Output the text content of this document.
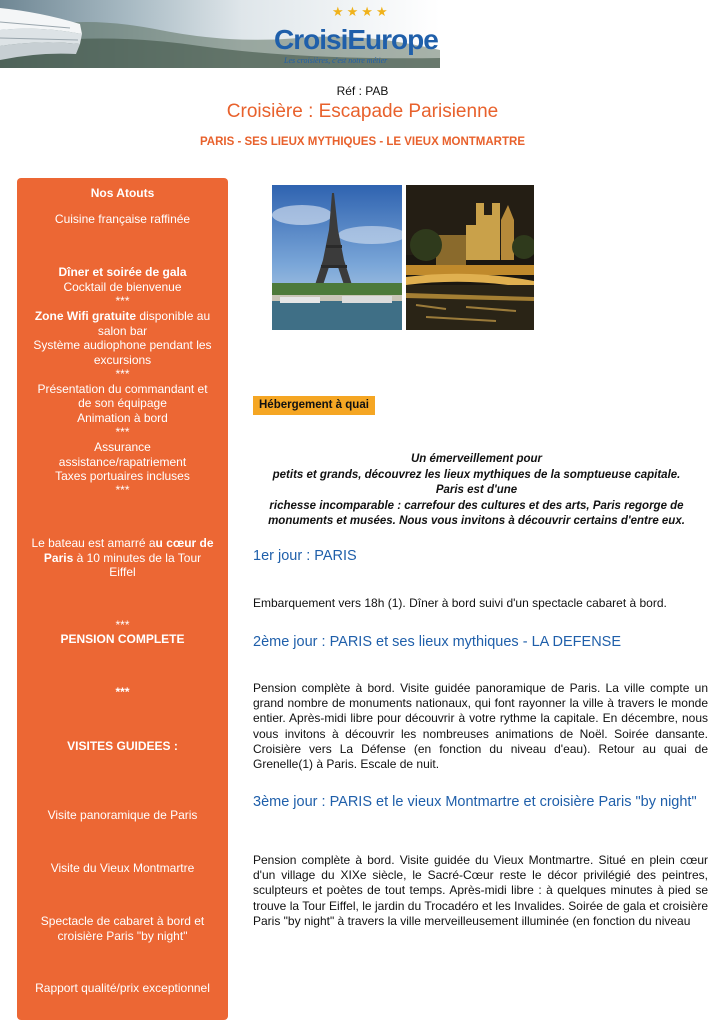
★★★★
CroisiEurope
Les croisières, c'est notre métier
Réf : PAB
Croisière : Escapade Parisienne
PARIS - SES LIEUX MYTHIQUES - LE VIEUX MONTMARTRE
Nos Atouts
Cuisine française raffinée
Dîner et soirée de gala
Cocktail de bienvenue
***
Zone Wifi gratuite disponible au
salon bar
Système audiophone pendant les
excursions
***
Présentation du commandant et
de son équipage
Animation à bord
***
Assurance
assistance/rapatriement
Taxes portuaires incluses
***
Le bateau est amarré au cœur de
Paris à 10 minutes de la Tour
Eiffel
***
PENSION COMPLETE
***
VISITES GUIDEES :
Visite panoramique de Paris
Visite du Vieux Montmartre
Spectacle de cabaret à bord et
croisière Paris "by night"
Rapport qualité/prix exceptionnel
Hébergement à quai
Un émerveillement pour
petits et grands, découvrez les lieux mythiques de la somptueuse capitale.
Paris est d'une
richesse incomparable : carrefour des cultures et des arts, Paris regorge de
monuments et musées. Nous vous invitons à découvrir certains d'entre eux.
1er jour : PARIS
Embarquement vers 18h (1). Dîner à bord suivi d'un spectacle cabaret à bord.
2ème jour : PARIS et ses lieux mythiques - LA DEFENSE
Pension complète à bord. Visite guidée panoramique de Paris. La ville compte un grand nombre de monuments nationaux, qui font rayonner la ville à travers le monde entier. Après-midi libre pour découvrir à votre rythme la capitale. En décembre, nous vous invitons à découvrir les nombreuses animations de Noël. Soirée dansante. Croisière vers La Défense (en fonction du niveau d'eau). Retour au quai de Grenelle(1) à Paris. Escale de nuit.
3ème jour : PARIS et le vieux Montmartre et croisière Paris "by night"
Pension complète à bord. Visite guidée du Vieux Montmartre. Situé en plein cœur d'un village du XIXe siècle, le Sacré-Cœur reste le décor privilégié des peintres, sculpteurs et poètes de tout temps. Après-midi libre : à quelques minutes à pied se trouve la Tour Eiffel, le jardin du Trocadéro et les Invalides. Soirée de gala et croisière Paris "by night" à travers la ville merveilleusement illuminée (en fonction du niveau
